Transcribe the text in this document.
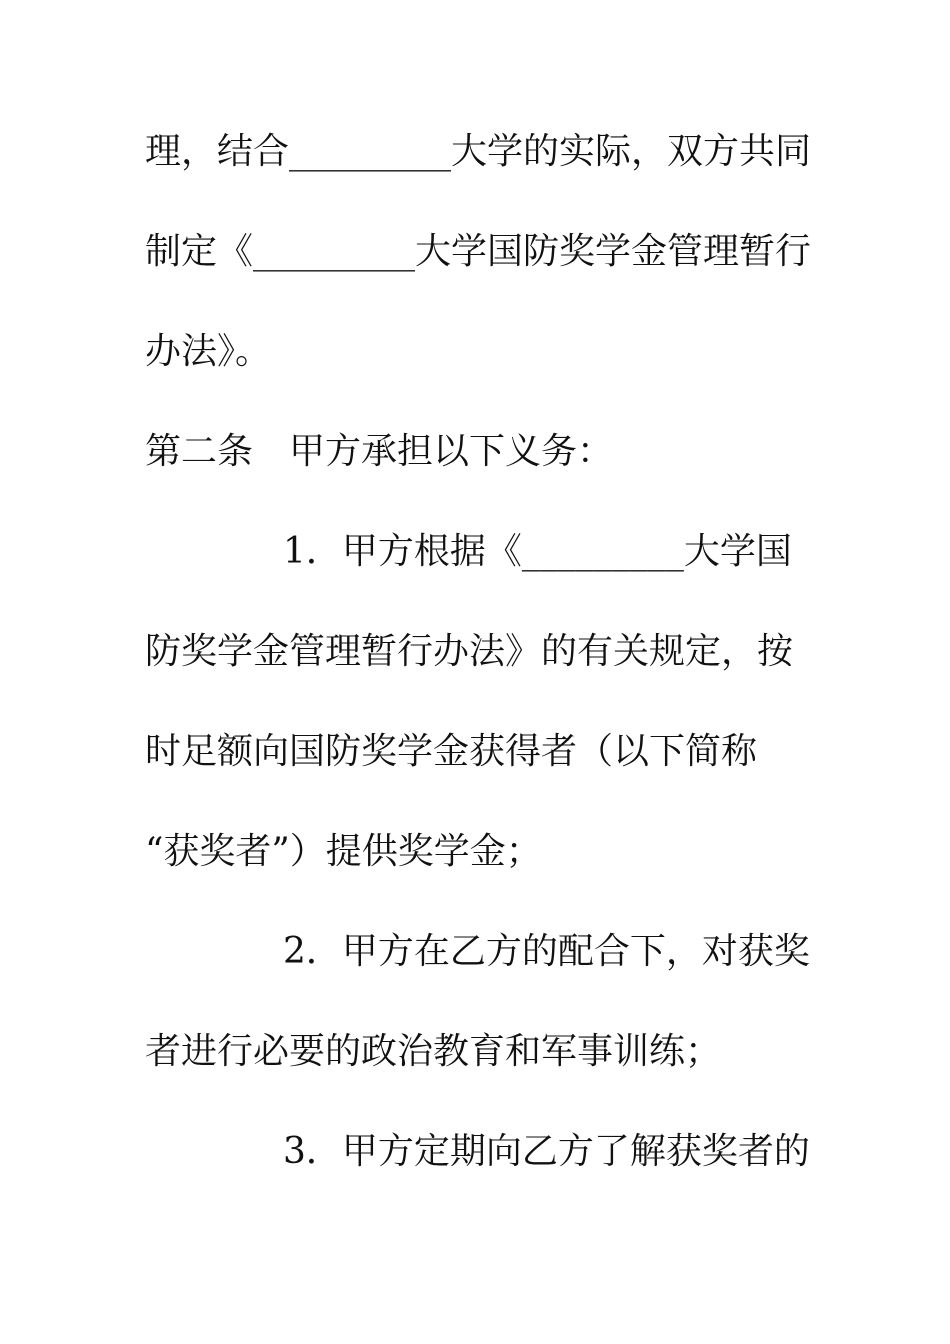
理，结合_________大学的实际，双方共同
制定《_________大学国防奖学金管理暂行
办法》。
第二条　甲方承担以下义务：
1．甲方根据《_________大学国
防奖学金管理暂行办法》的有关规定，按
时足额向国防奖学金获得者（以下简称
“获奖者”）提供奖学金；
2．甲方在乙方的配合下，对获奖
者进行必要的政治教育和军事训练；
3．甲方定期向乙方了解获奖者的
